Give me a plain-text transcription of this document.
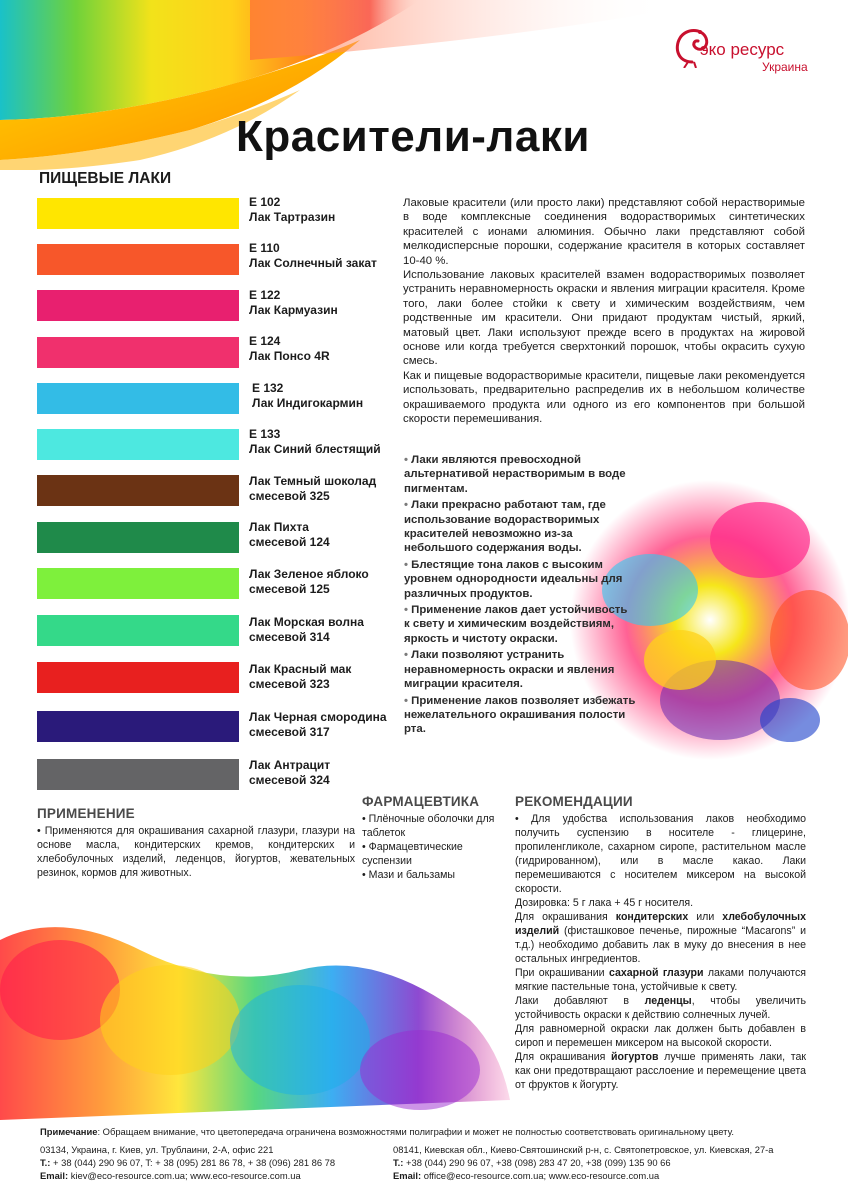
эко ресурс
Украина
Красители-лаки
ПИЩЕВЫЕ ЛАКИ
E 102
Лак Тартразин
E 110
Лак Солнечный закат
E 122
Лак Кармуазин
E 124
Лак Понсо 4R
E 132
Лак Индигокармин
E 133
Лак Синий блестящий
Лак Темный шоколад
смесевой 325
Лак Пихта
смесевой 124
Лак Зеленое яблоко
смесевой 125
Лак Морская волна
смесевой 314
Лак Красный мак
смесевой 323
Лак Черная смородина
смесевой 317
Лак Антрацит
смесевой 324

Лаковые красители (или просто лаки) представляют собой нерастворимые в воде комплексные соединения водорастворимых синтетических красителей с ионами алюминия. Обычно лаки представляют собой мелкодисперсные порошки, содержание красителя в которых составляет 10-40 %.

Использование лаковых красителей взамен водорастворимых позволяет устранить неравномерность окраски и явления миграции красителя. Кроме того, лаки более стойки к свету и химическим воздействиям, чем родственные им красители. Они придают продуктам чистый, яркий, матовый цвет. Лаки используют прежде всего в продуктах на жировой основе или когда требуется сверхтонкий порошок, чтобы окрасить сухую смесь.

Как и пищевые водорастворимые красители, пищевые лаки рекомендуется использовать, предварительно распределив их в небольшом количестве окрашиваемого продукта или одного из его компонентов при большой скорости перемешивания.

• Лаки являются превосходной альтернативой нерастворимым в воде пигментам.

• Лаки прекрасно работают там, где использование водорастворимых красителей невозможно из-за небольшого содержания воды.

• Блестящие тона лаков с высоким уровнем однородности идеальны для различных продуктов.

• Применение лаков дает устойчивость к свету и химическим воздействиям, яркость и чистоту окраски.

• Лаки позволяют устранить неравномерность окраски и явления миграции красителя.

• Применение лаков позволяет избежать нежелательного окрашивания полости рта.

ПРИМЕНЕНИЕ
• Применяются для окрашивания сахарной глазури, глазури на основе масла, кондитерских кремов, кондитерских и хлебобулочных изделий, леденцов, йогуртов, жевательных резинок, кормов для животных.
ФАРМАЦЕВТИКА
• Плёночные оболочки для таблеток
• Фармацевтические суспензии
• Мази и бальзамы
РЕКОМЕНДАЦИИ
• Для удобства использования лаков необходимо получить суспензию в носителе - глицерине, пропиленгликоле, сахарном сиропе, растительном масле (гидрированном), или в масле какао. Лаки перемешиваются с носителем миксером на высокой скорости.
Дозировка: 5 г лака + 45 г носителя.
Для окрашивания кондитерских или хлебобулочных изделий (фисташковое печенье, пирожные “Macarons” и т.д.) необходимо добавить лак в муку до внесения в нее остальных ингредиентов.
При окрашивании сахарной глазури лаками получаются мягкие пастельные тона, устойчивые к свету.
Лаки добавляют в леденцы, чтобы увеличить устойчивость окраски к действию солнечных лучей.
Для равномерной окраски лак должен быть добавлен в сироп и перемешен миксером на высокой скорости.
Для окрашивания йогуртов лучше применять лаки, так как они предотвращают расслоение и перемещение цвета от фруктов к йогурту.
Примечание: Обращаем внимание, что цветопередача ограничена возможностями полиграфии и может не полностью соответствовать оригинальному цвету.
03134, Украина, г. Киев, ул. Трублаини, 2-А, офис 221
T.: + 38 (044) 290 96 07, T: + 38 (095) 281 86 78, + 38 (096) 281 86 78
Email: kiev@eco-resource.com.ua; www.eco-resource.com.ua
08141, Киевская обл., Киево-Святошинский р-н, с. Святопетровское, ул. Киевская, 27-а
T.: +38 (044) 290 96 07, +38 (098) 283 47 20, +38 (099) 135 90 66
Email: office@eco-resource.com.ua; www.eco-resource.com.ua
